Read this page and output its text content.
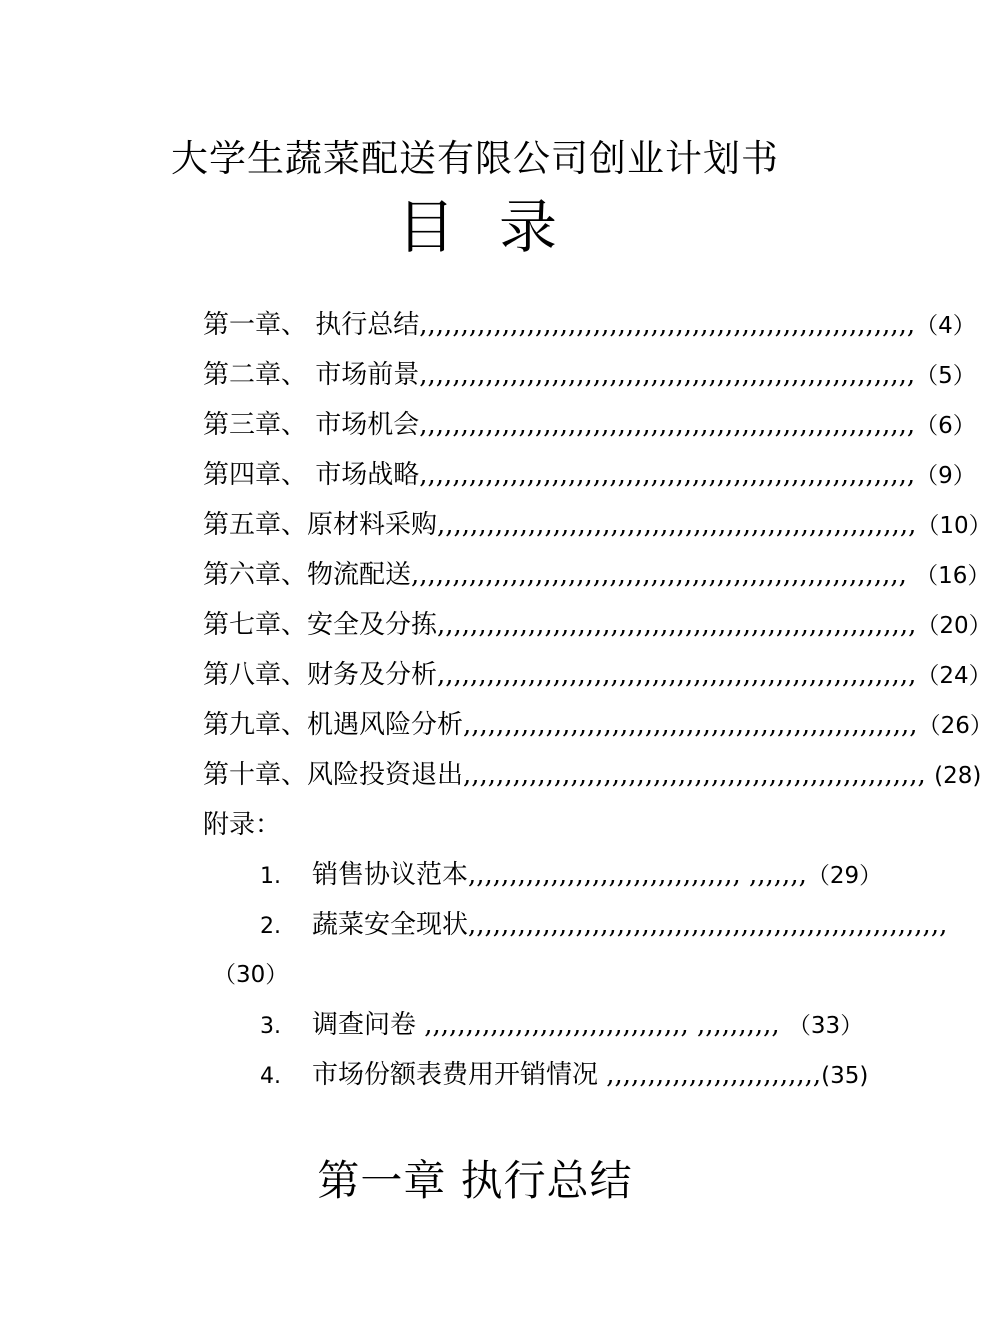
大学生蔬菜配送有限公司创业计划书
目录
第一章、 执行总结,,,,,,,,,,,,,,,,,,,,,,,,,,,,,,,,,,,,,,,,,,,,,,,,,,,,,,,,,,,,（4）
第二章、 市场前景,,,,,,,,,,,,,,,,,,,,,,,,,,,,,,,,,,,,,,,,,,,,,,,,,,,,,,,,,,,,（5）
第三章、 市场机会,,,,,,,,,,,,,,,,,,,,,,,,,,,,,,,,,,,,,,,,,,,,,,,,,,,,,,,,,,,,（6）
第四章、 市场战略,,,,,,,,,,,,,,,,,,,,,,,,,,,,,,,,,,,,,,,,,,,,,,,,,,,,,,,,,,,,（9）
第五章、原材料采购,,,,,,,,,,,,,,,,,,,,,,,,,,,,,,,,,,,,,,,,,,,,,,,,,,,,,,,,,,（10）
第六章、物流配送,,,,,,,,,,,,,,,,,,,,,,,,,,,,,,,,,,,,,,,,,,,,,,,,,,,,,,,,,,,, （16）
第七章、安全及分拣,,,,,,,,,,,,,,,,,,,,,,,,,,,,,,,,,,,,,,,,,,,,,,,,,,,,,,,,,,（20）
第八章、财务及分析,,,,,,,,,,,,,,,,,,,,,,,,,,,,,,,,,,,,,,,,,,,,,,,,,,,,,,,,,,（24）
第九章、机遇风险分析,,,,,,,,,,,,,,,,,,,,,,,,,,,,,,,,,,,,,,,,,,,,,,,,,,,,,,,（26）
第十章、风险投资退出,,,,,,,,,,,,,,,,,,,,,,,,,,,,,,,,,,,,,,,,,,,,,,,,,,,,,,,, (28)
附录：
1. 销售协议范本,,,,,,,,,,,,,,,,,,,,,,,,,,,,,,,,, ,,,,,,,（29）
2. 蔬菜安全现状,,,,,,,,,,,,,,,,,,,,,,,,,,,,,,,,,,,,,,,,,,,,,,,,,,,,,,,,,,
（30）
3. 调查问卷 ,,,,,,,,,,,,,,,,,,,,,,,,,,,,,,,, ,,,,,,,,,, （33）
4. 市场份额表费用开销情况 ,,,,,,,,,,,,,,,,,,,,,,,,,,(35)
第一章 执行总结
